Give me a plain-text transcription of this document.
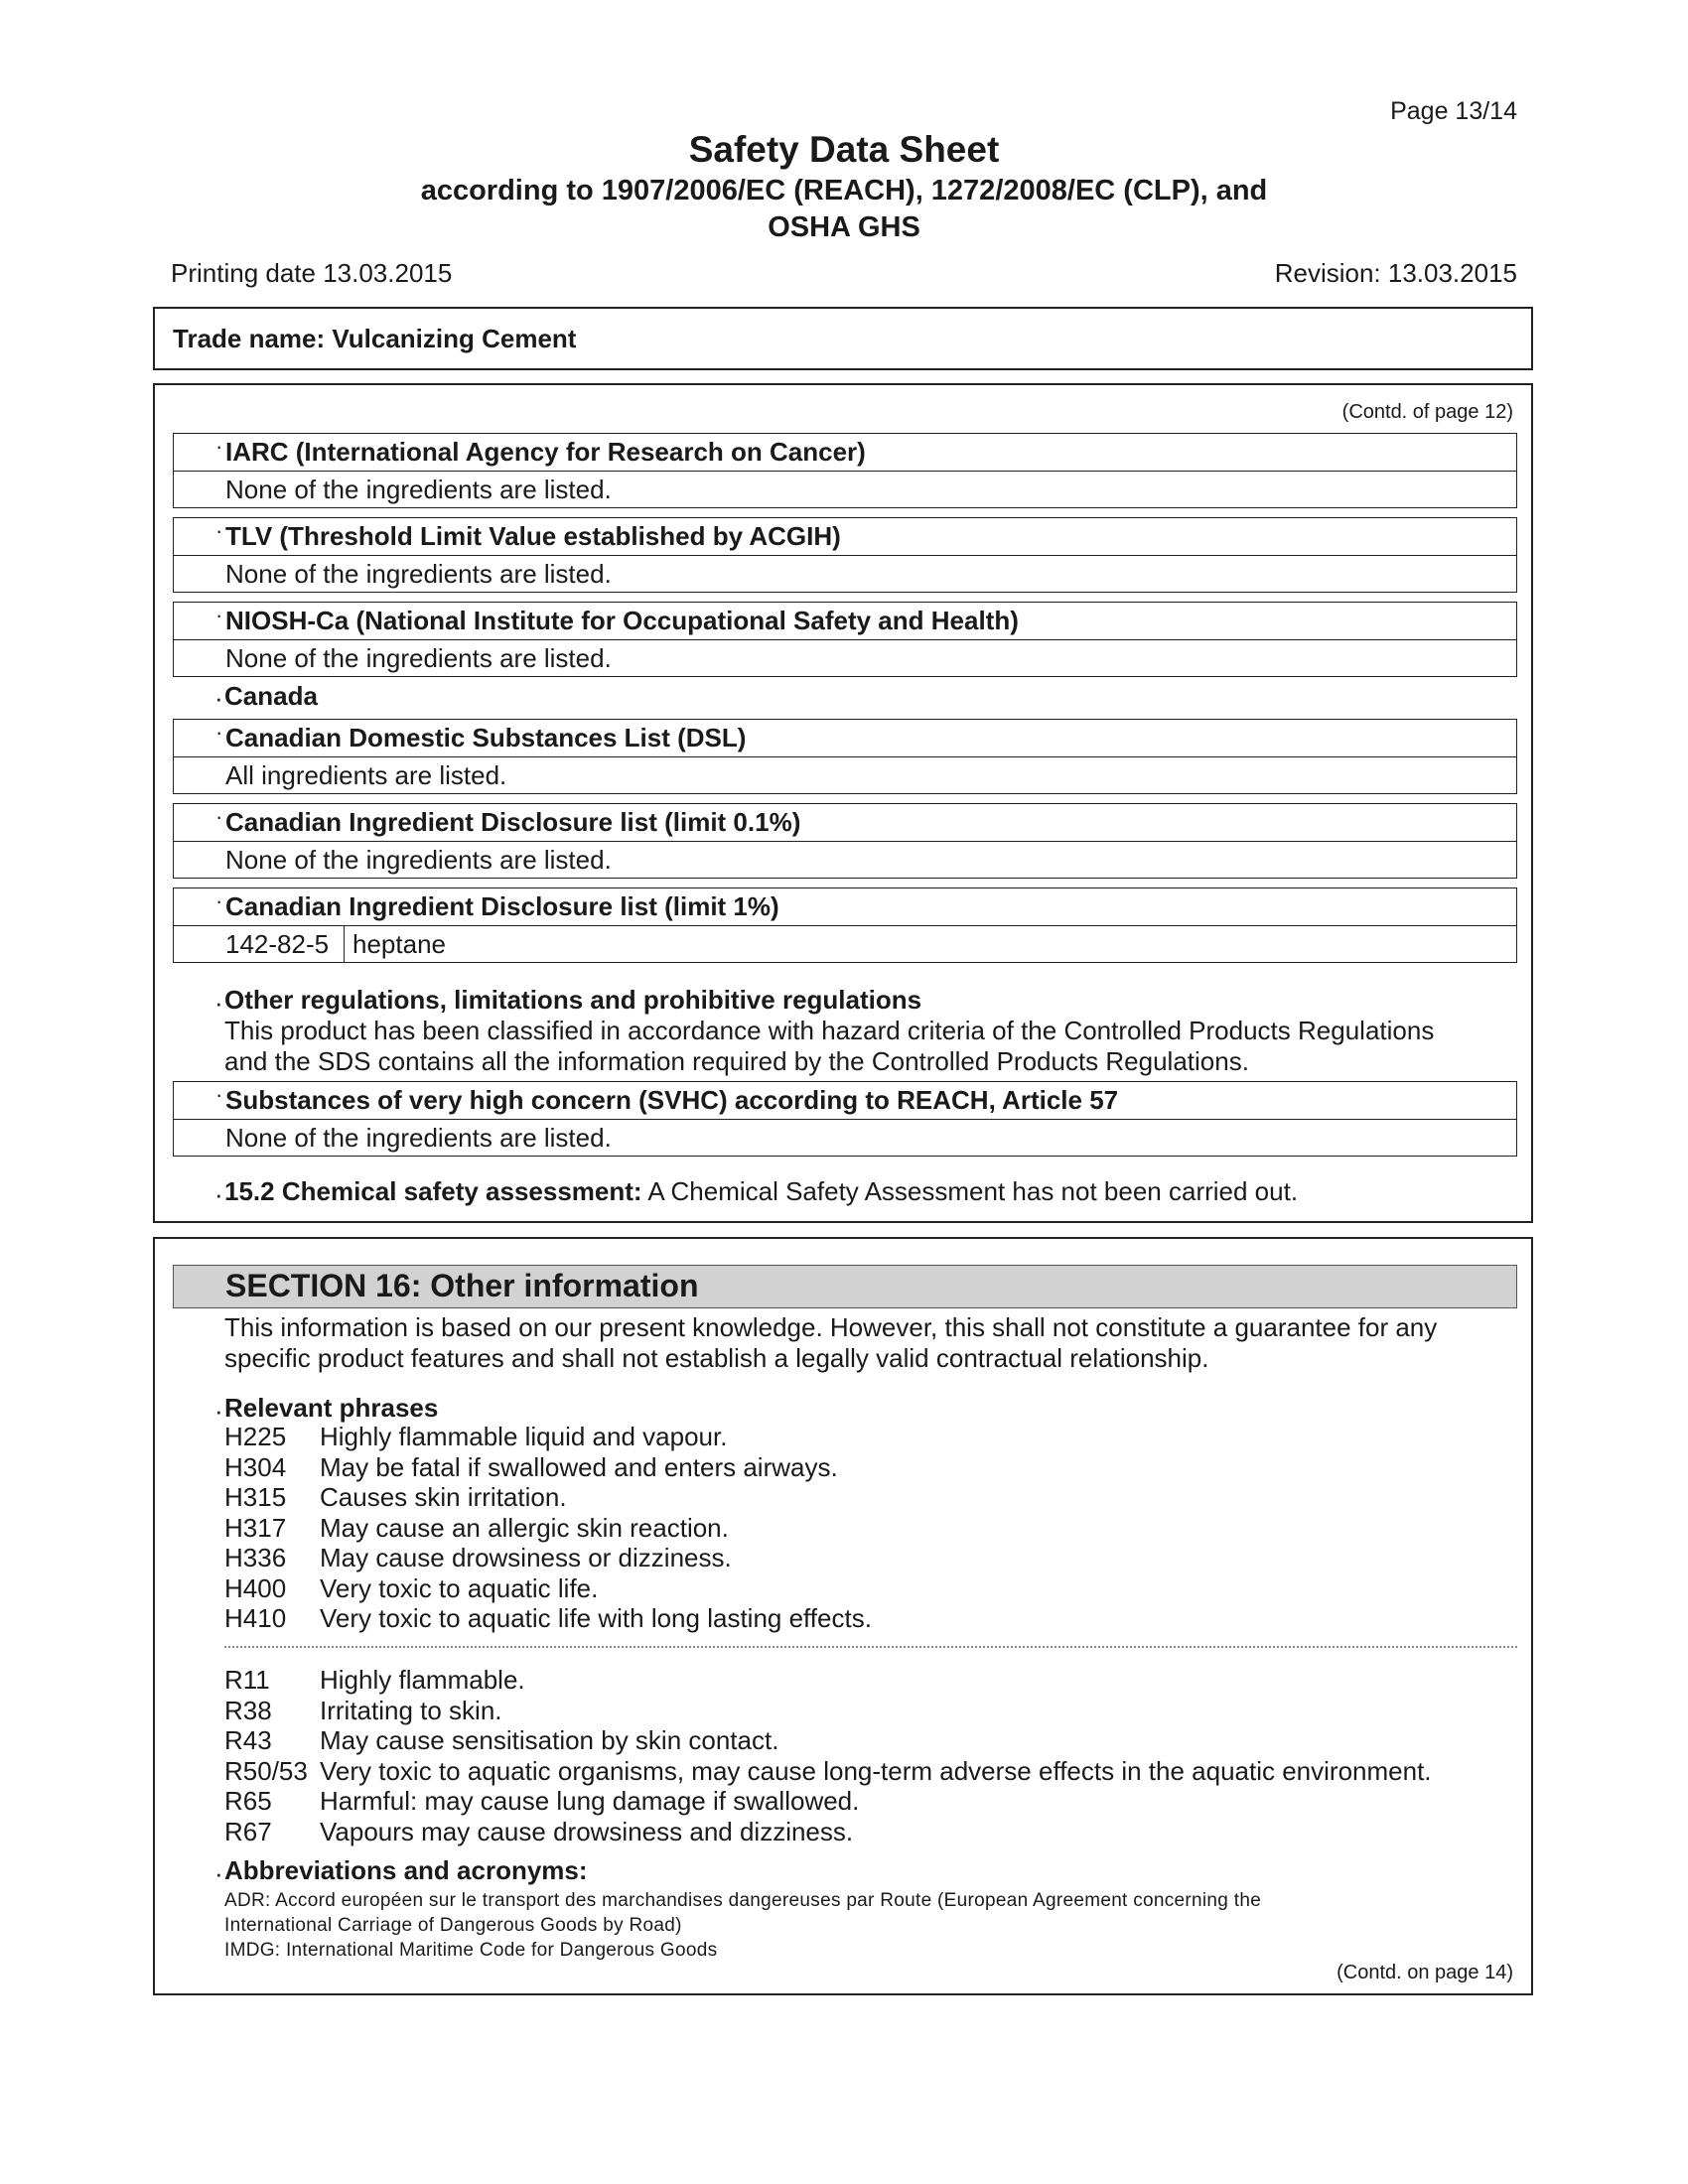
Page 13/14
Safety Data Sheet
according to 1907/2006/EC (REACH), 1272/2008/EC (CLP), and
OSHA GHS
Printing date 13.03.2015	Revision: 13.03.2015
Trade name: Vulcanizing Cement
(Contd. of page 12)
· IARC (International Agency for Research on Cancer)
None of the ingredients are listed.
· TLV (Threshold Limit Value established by ACGIH)
None of the ingredients are listed.
· NIOSH-Ca (National Institute for Occupational Safety and Health)
None of the ingredients are listed.
· Canada
· Canadian Domestic Substances List (DSL)
All ingredients are listed.
· Canadian Ingredient Disclosure list (limit 0.1%)
None of the ingredients are listed.
· Canadian Ingredient Disclosure list (limit 1%)
142-82-5 heptane
· Other regulations, limitations and prohibitive regulations
This product has been classified in accordance with hazard criteria of the Controlled Products Regulations
and the SDS contains all the information required by the Controlled Products Regulations.
· Substances of very high concern (SVHC) according to REACH, Article 57
None of the ingredients are listed.
· 15.2 Chemical safety assessment: A Chemical Safety Assessment has not been carried out.
SECTION 16: Other information
This information is based on our present knowledge. However, this shall not constitute a guarantee for any
specific product features and shall not establish a legally valid contractual relationship.
· Relevant phrases
H225 Highly flammable liquid and vapour.
H304 May be fatal if swallowed and enters airways.
H315 Causes skin irritation.
H317 May cause an allergic skin reaction.
H336 May cause drowsiness or dizziness.
H400 Very toxic to aquatic life.
H410 Very toxic to aquatic life with long lasting effects.
R11 Highly flammable.
R38 Irritating to skin.
R43 May cause sensitisation by skin contact.
R50/53 Very toxic to aquatic organisms, may cause long-term adverse effects in the aquatic environment.
R65 Harmful: may cause lung damage if swallowed.
R67 Vapours may cause drowsiness and dizziness.
· Abbreviations and acronyms:
ADR: Accord européen sur le transport des marchandises dangereuses par Route (European Agreement concerning the
International Carriage of Dangerous Goods by Road)
IMDG: International Maritime Code for Dangerous Goods
(Contd. on page 14)
